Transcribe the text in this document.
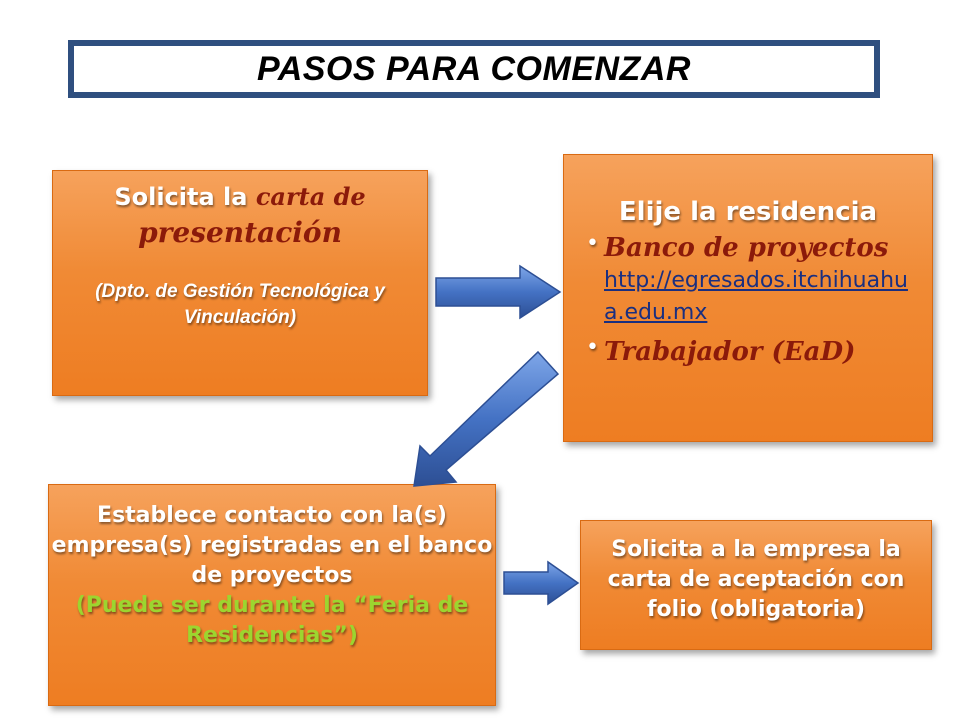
PASOS PARA COMENZAR
Solicita la carta de
presentación
(Dpto. de Gestión Tecnológica y Vinculación)
Elije la residencia
• Banco de proyectos
http://egresados.itchihuahua.edu.mx
• Trabajador (EaD)
Establece contacto con la(s) empresa(s) registradas en el banco de proyectos
(Puede ser durante la “Feria de Residencias”)
Solicita a la empresa la carta de aceptación con folio (obligatoria)
